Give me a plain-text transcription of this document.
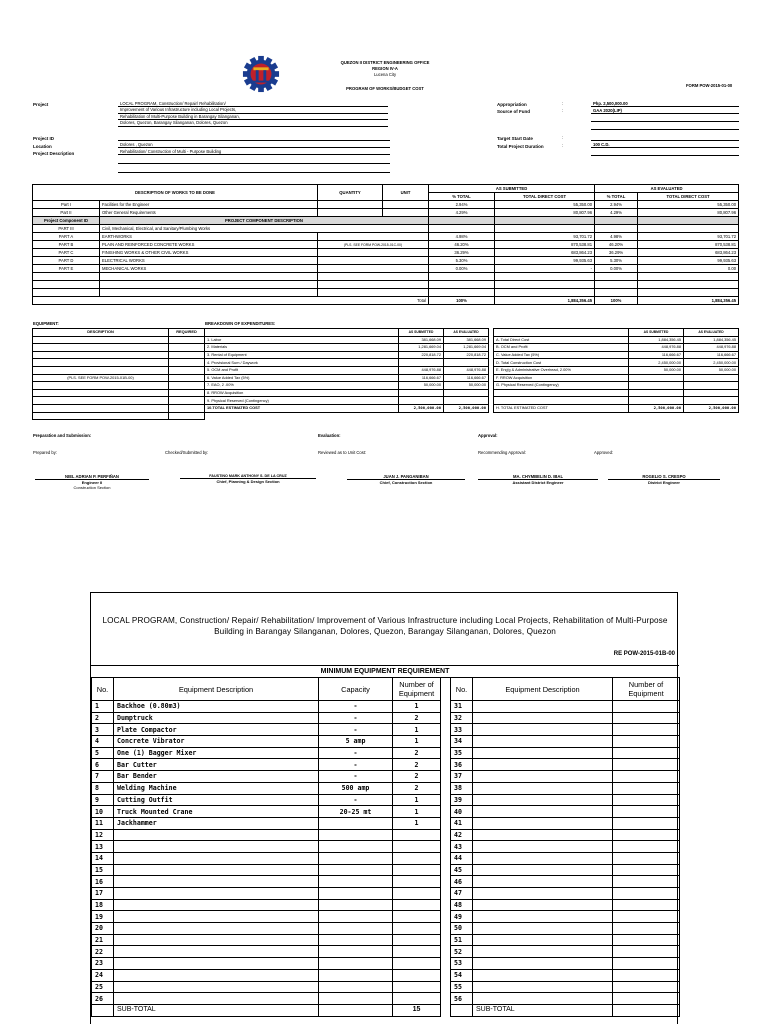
QUEZON II DISTRICT ENGINEERING OFFICE
REGION IV-A
Lucena City
PROGRAM OF WORKS/BUDGET COST
FORM POW-2015-01-00
Project	LOCAL PROGRAM, Construction/ Repair/ Rehabilitation/
Improvement of Various Infrastructure including Local Projects,
Rehabilitation of Multi-Purpose Building in Barangay Silanganan,
Dolores, Quezon, Barangay Silanganan, Dolores, Quezon
Project ID
Location	Dolores , Quezon
Project Description	Rehabilitation/ Construction of Multi - Purpose Building
Appropriation	:	Php. 2,500,000.00
Source of Fund	:	GAA 2020(LIP)
Target Start Date	:
Total Project Duration	:	100 C.D.
DESCRIPTION OF WORKS TO BE DONE		QUANTITY	UNIT	AS SUBMITTED		AS EVALUATED	
				% TOTAL	TOTAL DIRECT COST	% TOTAL	TOTAL DIRECT COST
Part I	Facilities for the Engineer			2.94%	55,350.00	2.94%	55,350.00
Part II	Other General Requirements			4.29%	80,807.96	4.29%	80,807.96
Project Component ID	PROJECT COMPONENT DESCRIPTION						
PART III	Civil, Mechanical, Electrical, and Sanitary/Plumbing Works						
PART A	EARTHWORKS			4.98%	93,701.72	4.98%	93,701.72
PART B	PLAIN AND REINFORCED CONCRETE WORKS	(PLS. SEE FORM POW-2015-01C-00)		46.20%	870,538.81	46.20%	870,538.81
PART C	FINISHING WORKS & OTHER CIVIL WORKS			36.29%	683,864.23	36.29%	683,864.23
PART D	ELECTRICAL WORKS			5.30%	99,935.63	5.30%	99,935.63
PART E	MECHANICAL WORKS			0.00%	-	0.00%	0.00

Total				100%	1,884,356.45	100%	1,884,356.45
EQUIPMENT:	BREAKDOWN OF EXPENDITURES:
DESCRIPTION	REQUIRED

(PLS. SEE FORM POW-2015-01B-00)	

	AS SUBMITTED	AS EVALUATED
1. Labor	381,668.09	381,668.09
2. Materials	1,281,669.04	1,281,669.04
3. Rental of Equipment	220,818.72	220,818.72
4. Provisional Sum / Daywork		
5. OCM and Profit	448,976.88	448,976.88
6. Value Added Tax (5%)	116,666.67	116,666.67
7. EAO, 2 .00%	50,000.00	50,000.00
8. RROW Acquisition		
9. Physical Reserved (Contingency)		
10.TOTAL ESTIMATED COST	2,500,000.00	2,500,000.00
	AS SUBMITTED	AS EVALUATED
A. Total Direct Cost	1,884,356.45	1,884,356.45
B. OCM and Profit	448,976.88	448,976.88
C. Value Added Tax (5%)	116,666.67	116,666.67
D. Total Construction Cost	2,450,000.00	2,450,000.00
E. Eng'g & Administrative Overhead, 2.00%	50,000.00	50,000.00
F. RROW Acquisition		
G. Physical Reserved (Contingency)		

H. TOTAL ESTIMATED COST	2,500,000.00	2,500,000.00
Preparation and Submission:	Evaluation:	Approval:
Prepared by:	Checked/Submitted by:	Reviewed as to Unit Cost:	Recommending Approval:	Approved:
NIEL ADRIAN P. PERFIÑAN
Engineer II
Construction Section
FAUSTINO MARK ANTHONY S. DE LA CRUZ
Chief, Planning & Design Section
JUAN J. PANGANIBAN
Chief, Construction Section
MA. CHYMBELIN D. IBAL
Assistant District Engineer
ROGELIO S. CRESPO
District Engineer
LOCAL PROGRAM, Construction/ Repair/ Rehabilitation/ Improvement of Various Infrastructure including Local Projects, Rehabilitation of Multi-Purpose Building in Barangay Silanganan, Dolores, Quezon, Barangay Silanganan, Dolores, Quezon
RE POW-2015-01B-00
MINIMUM EQUIPMENT REQUIREMENT
No.	Equipment Description	Capacity	Number of Equipment		No.	Equipment Description	Number of Equipment
1	Backhoe (0.80m3)	-	1		31		
2	Dumptruck	-	2		32		
3	Plate Compactor	-	1		33		
4	Concrete Vibrator	5 amp	1		34		
5	One (1) Bagger Mixer	-	2		35		
6	Bar Cutter	-	2		36		
7	Bar Bender	-	2		37		
8	Welding Machine	500 amp	2		38		
9	Cutting Outfit	-	1		39		
10	Truck Mounted Crane	20-25 mt	1		40		
11	Jackhammer		1		41		
12					42		
13					43		
14					44		
15					45		
16					46		
17					47		
18					48		
19					49		
20					50		
21					51		
22					52		
23					53		
24					54		
25					55		
26					56		
	SUB-TOTAL		15			SUB-TOTAL	
